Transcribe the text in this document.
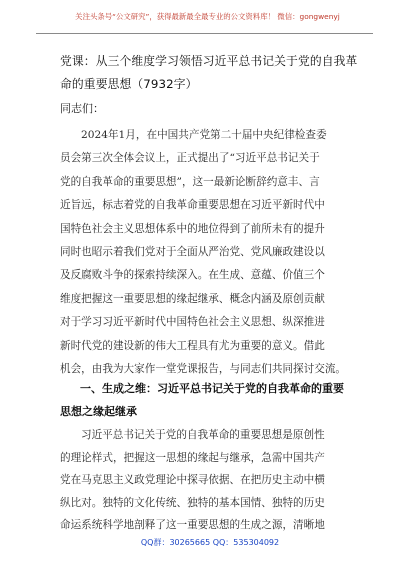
关注头条号“公文研究”，获得最新最全最专业的公文资料库！ 微信：gongwenyj
党课：从三个维度学习领悟习近平总书记关于党的自我革
命的重要思想（7932字）
同志们：
2024年1月，在中国共产党第二十届中央纪律检查委
员会第三次全体会议上，正式提出了“习近平总书记关于
党的自我革命的重要思想”，这一最新论断辞约意丰、言
近旨远，标志着党的自我革命重要思想在习近平新时代中
国特色社会主义思想体系中的地位得到了前所未有的提升
同时也昭示着我们党对于全面从严治党、党风廉政建设以
及反腐败斗争的探索持续深入。在生成、意蕴、价值三个
维度把握这一重要思想的缘起继承、概念内涵及原创贡献
对于学习习近平新时代中国特色社会主义思想、纵深推进
新时代党的建设新的伟大工程具有尤为重要的意义。借此
机会，由我为大家作一堂党课报告，与同志们共同探讨交流。
一、生成之维：习近平总书记关于党的自我革命的重要
思想之缘起继承
习近平总书记关于党的自我革命的重要思想是原创性
的理论样式，把握这一思想的缘起与继承，急需中国共产
党在马克思主义政党理论中探寻依据、在把历史主动中横
纵比对。独特的文化传统、独特的基本国情、独特的历史
命运系统科学地剖释了这一重要思想的生成之源，清晰地
QQ群：30265665 QQ：535304092
